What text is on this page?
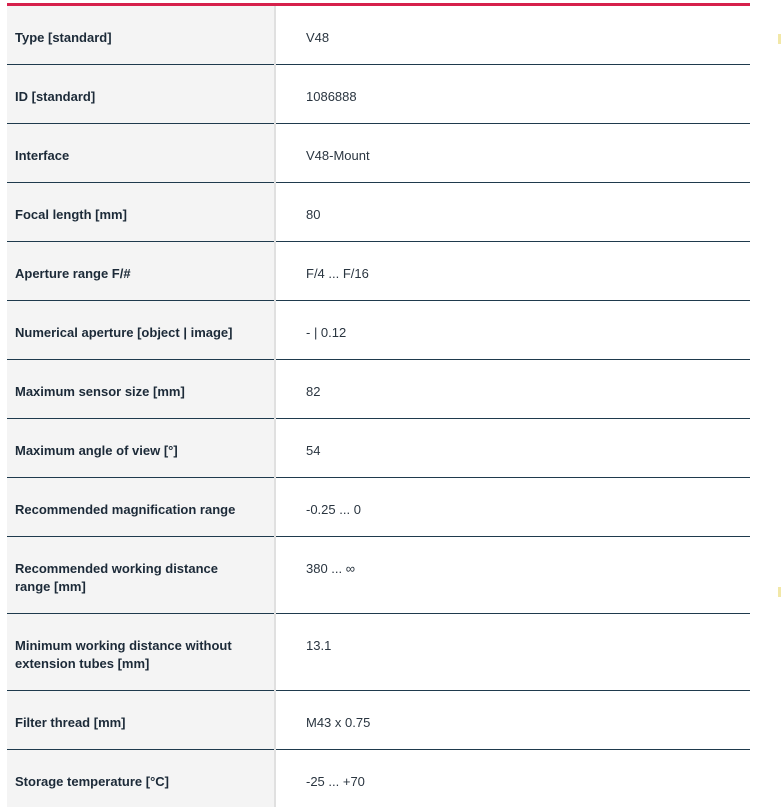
Type [standard]	V48
ID [standard]	1086888
Interface	V48-Mount
Focal length [mm]	80
Aperture range F/#	F/4 ... F/16
Numerical aperture [object | image]	- | 0.12
Maximum sensor size [mm]	82
Maximum angle of view [°]	54
Recommended magnification range	-0.25 ... 0
Recommended working distance range [mm]	380 ... ∞
Minimum working distance without extension tubes [mm]	13.1
Filter thread [mm]	M43 x 0.75
Storage temperature [°C]	-25 ... +70
